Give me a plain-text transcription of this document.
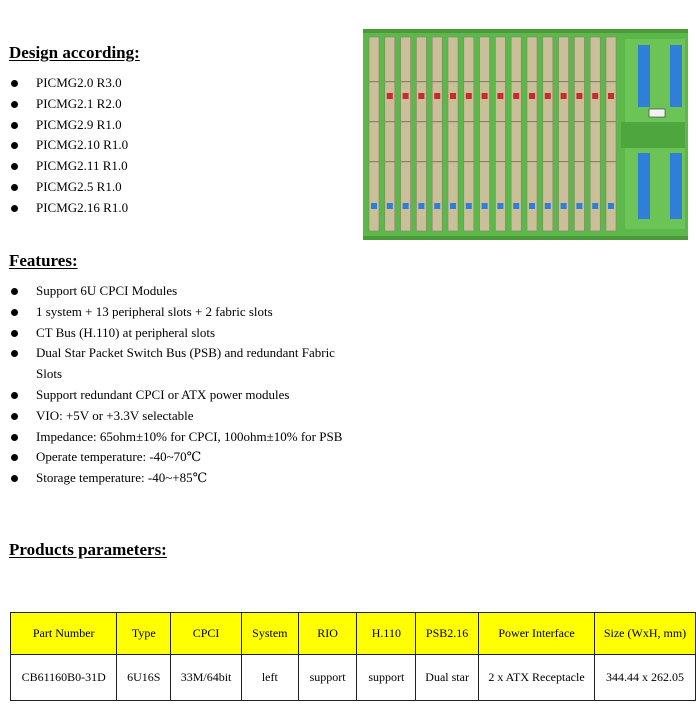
Design according:
PICMG2.0 R3.0
PICMG2.1 R2.0
PICMG2.9 R1.0
PICMG2.10 R1.0
PICMG2.11 R1.0
PICMG2.5 R1.0
PICMG2.16 R1.0
Features:
Support 6U CPCI Modules
1 system + 13 peripheral slots + 2 fabric slots
CT Bus (H.110) at peripheral slots
Dual Star Packet Switch Bus (PSB) and redundant Fabric Slots
Support redundant CPCI or ATX power modules
VIO: +5V or +3.3V selectable
Impedance: 65ohm±10% for CPCI, 100ohm±10% for PSB
Operate temperature: -40~70℃
Storage temperature: -40~+85℃
Products parameters:
Part Number	Type	CPCI	System	RIO	H.110	PSB2.16	Power Interface	Size (WxH, mm)
CB61160B0-31D	6U16S	33M/64bit	left	support	support	Dual star	2 x ATX Receptacle	344.44 x 262.05
